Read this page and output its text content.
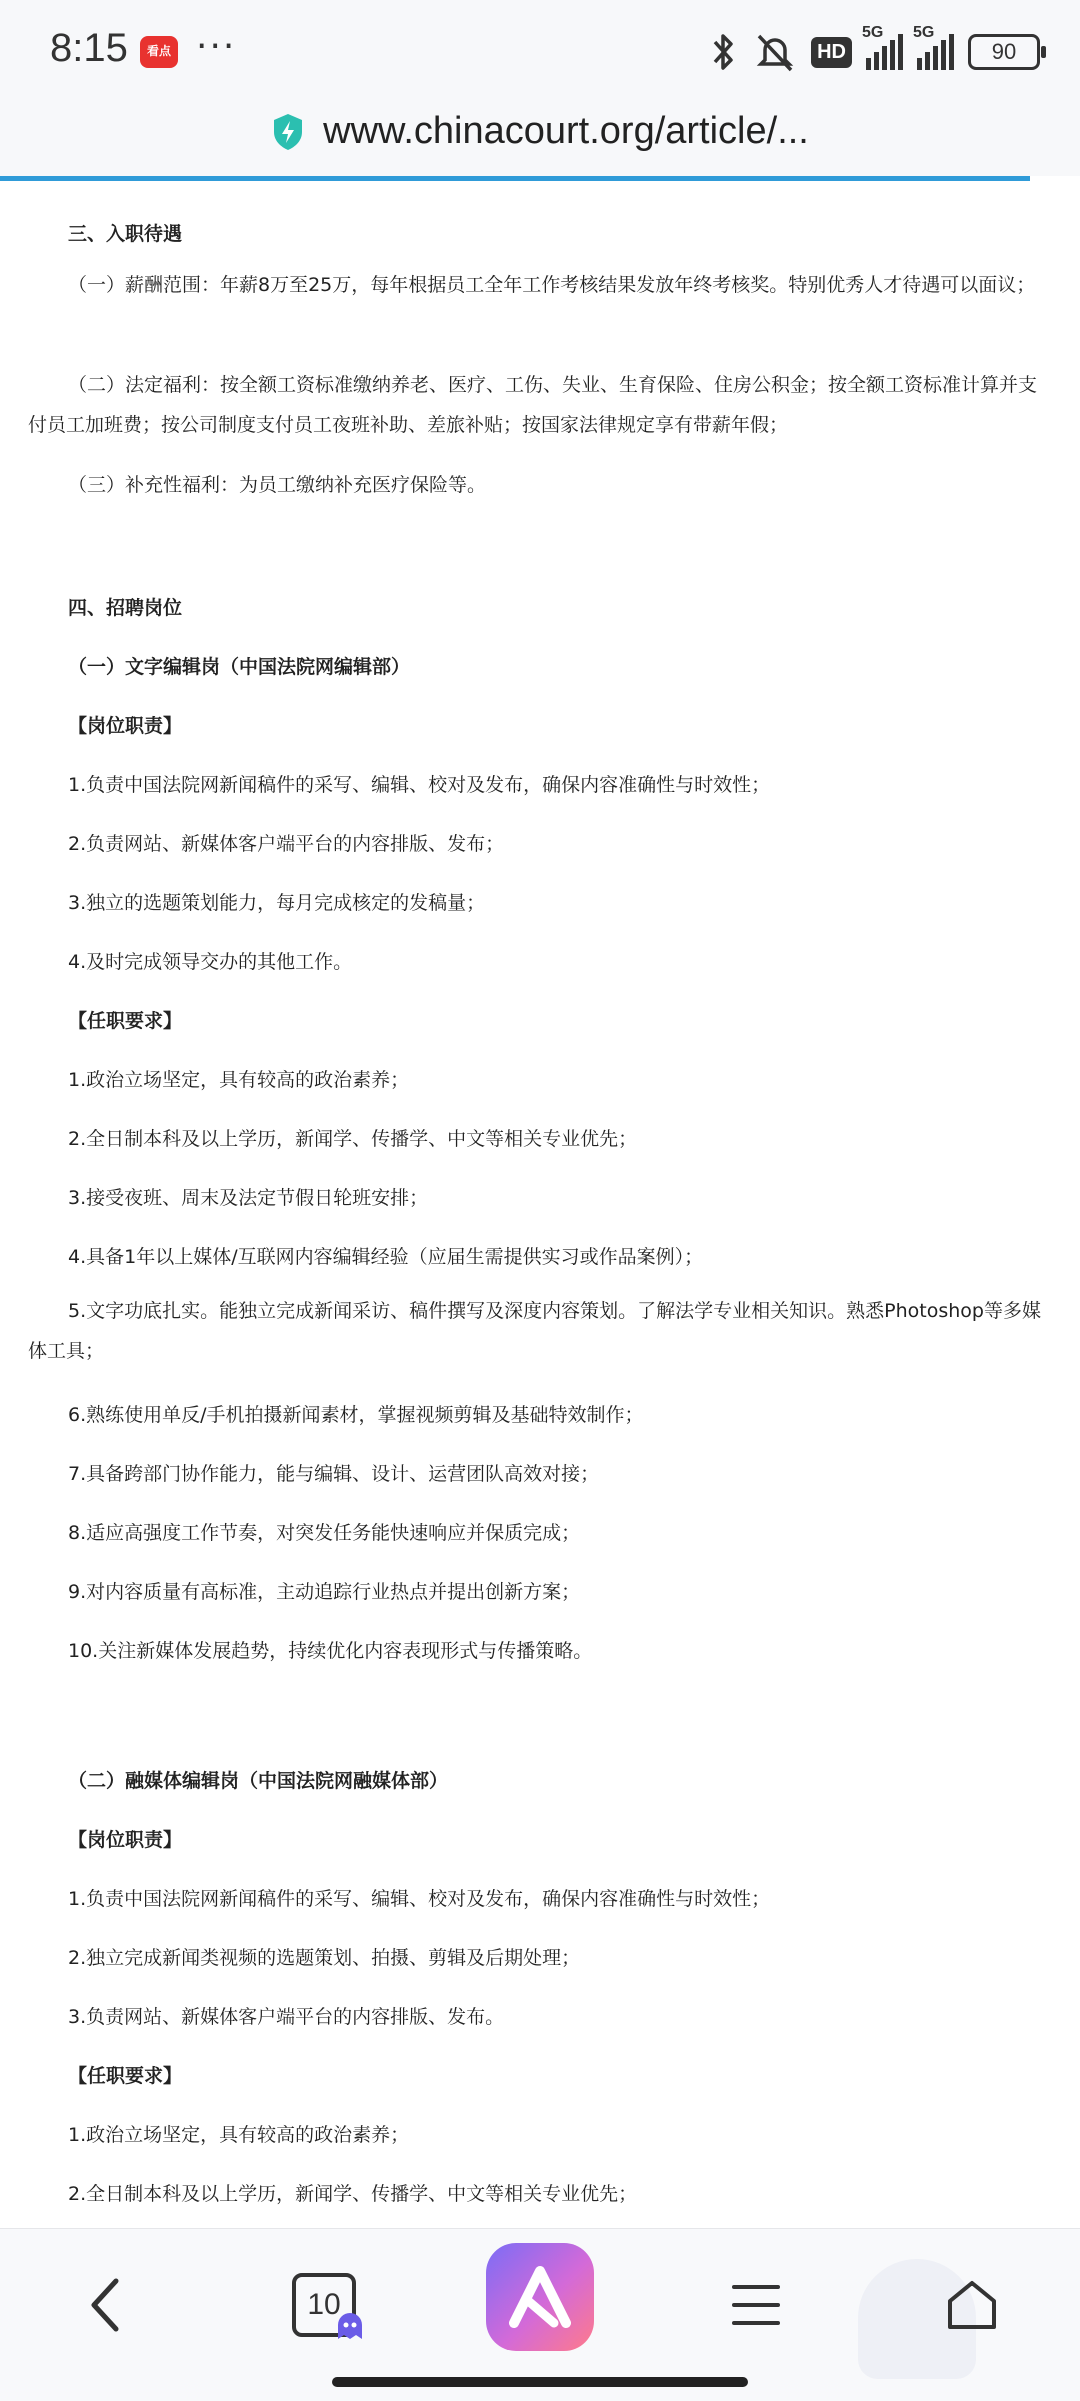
8:15	看点 ···	HD
5G 5G
90
www.chinacourt.org/article/...
三、入职待遇
（一）薪酬范围：年薪8万至25万，每年根据员工全年工作考核结果发放年终考核奖。特别优秀人才待遇可以面议；
（二）法定福利：按全额工资标准缴纳养老、医疗、工伤、失业、生育保险、住房公积金；按全额工资标准计算并支付员工加班费；按公司制度支付员工夜班补助、差旅补贴；按国家法律规定享有带薪年假；
（三）补充性福利：为员工缴纳补充医疗保险等。
四、招聘岗位
（一）文字编辑岗（中国法院网编辑部）
【岗位职责】
1.负责中国法院网新闻稿件的采写、编辑、校对及发布，确保内容准确性与时效性；
2.负责网站、新媒体客户端平台的内容排版、发布；
3.独立的选题策划能力，每月完成核定的发稿量；
4.及时完成领导交办的其他工作。
【任职要求】
1.政治立场坚定，具有较高的政治素养；
2.全日制本科及以上学历，新闻学、传播学、中文等相关专业优先；
3.接受夜班、周末及法定节假日轮班安排；
4.具备1年以上媒体/互联网内容编辑经验（应届生需提供实习或作品案例）；
5.文字功底扎实。能独立完成新闻采访、稿件撰写及深度内容策划。了解法学专业相关知识。熟悉Photoshop等多媒体工具；
6.熟练使用单反/手机拍摄新闻素材，掌握视频剪辑及基础特效制作；
7.具备跨部门协作能力，能与编辑、设计、运营团队高效对接；
8.适应高强度工作节奏，对突发任务能快速响应并保质完成；
9.对内容质量有高标准，主动追踪行业热点并提出创新方案；
10.关注新媒体发展趋势，持续优化内容表现形式与传播策略。
（二）融媒体编辑岗（中国法院网融媒体部）
【岗位职责】
1.负责中国法院网新闻稿件的采写、编辑、校对及发布，确保内容准确性与时效性；
2.独立完成新闻类视频的选题策划、拍摄、剪辑及后期处理；
3.负责网站、新媒体客户端平台的内容排版、发布。
【任职要求】
1.政治立场坚定，具有较高的政治素养；
2.全日制本科及以上学历，新闻学、传播学、中文等相关专业优先；
10
